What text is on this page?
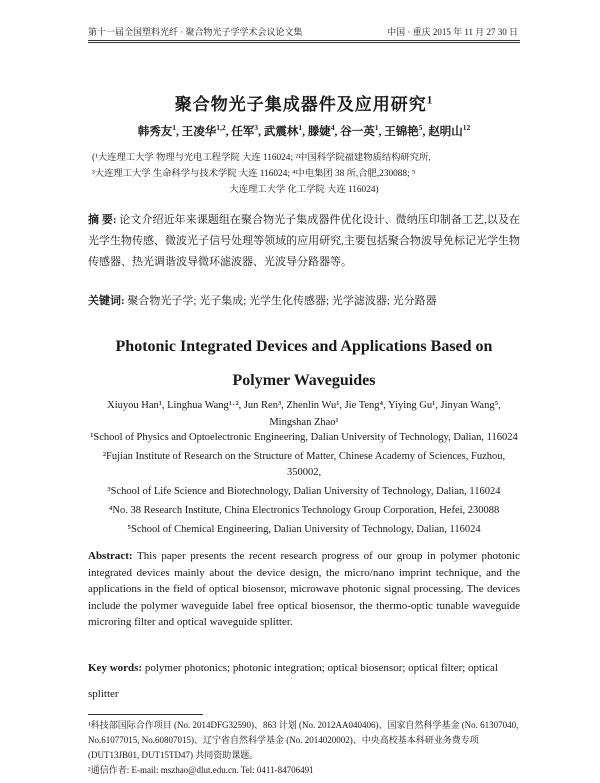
第十一届全国塑料光纤 · 聚合物光子学学术会议论文集	中国 · 重庆 2015 年 11 月 27 30 日
聚合物光子集成器件及应用研究$^1$
韩秀友$^1$, 王凌华$^{1,2}$, 任军$^3$, 武震林$^1$, 滕婕$^4$, 谷一英$^1$, 王锦艳$^5$, 赵明山$^{12}$
(¹大连理工大学 物理与光电工程学院 大连 116024; ²中国科学院福建物质结构研究所,
³大连理工大学 生命科学与技术学院 大连 116024; ⁴中电集团 38 所,合肥,230088; ⁵
大连理工大学 化工学院 大连 116024)
摘 要: 论文介绍近年来课题组在聚合物光子集成器件优化设计、微纳压印制备工艺,以及在光学生物传感、微波光子信号处理等领域的应用研究,主要包括聚合物波导免标记光学生物传感器、热光调谐波导微环滤波器、光波导分路器等。
关键词: 聚合物光子学; 光子集成; 光学生化传感器; 光学滤波器; 光分路器
Photonic Integrated Devices and Applications Based on
Polymer Waveguides
Xiuyou Han¹, Linghua Wang¹·², Jun Ren³, Zhenlin Wu¹, Jie Teng⁴, Yiying Gu¹, Jinyan Wang⁵,
Mingshan Zhao¹
¹School of Physics and Optoelectronic Engineering, Dalian University of Technology, Dalian, 116024
²Fujian Institute of Research on the Structure of Matter, Chinese Academy of Sciences, Fuzhou, 350002,
³School of Life Science and Biotechnology, Dalian University of Technology, Dalian, 116024
⁴No. 38 Research Institute, China Electronics Technology Group Corporation, Hefei, 230088
⁵School of Chemical Engineering, Dalian University of Technology, Dalian, 116024
Abstract: This paper presents the recent research progress of our group in polymer photonic integrated devices mainly about the device design, the micro/nano imprint technique, and the applications in the field of optical biosensor, microwave photonic signal processing. The devices include the polymer waveguide label free optical biosensor, the thermo-optic tunable waveguide microring filter and optical waveguide splitter.
Key words: polymer photonics; photonic integration; optical biosensor; optical filter; optical splitter
¹科技部国际合作项目 (No. 2014DFG32590)、863 计划 (No. 2012AA040406)、国家自然科学基金 (No. 61307040, No.61077015, No.60807015)、辽宁省自然科学基金 (No. 2014020002)、中央高校基本科研业务费专项 (DUT13JB01, DUT15TD47) 共同资助课题。
²通信作者: E-mail: mszhao@dlut.edu.cn. Tel: 0411-84706491
